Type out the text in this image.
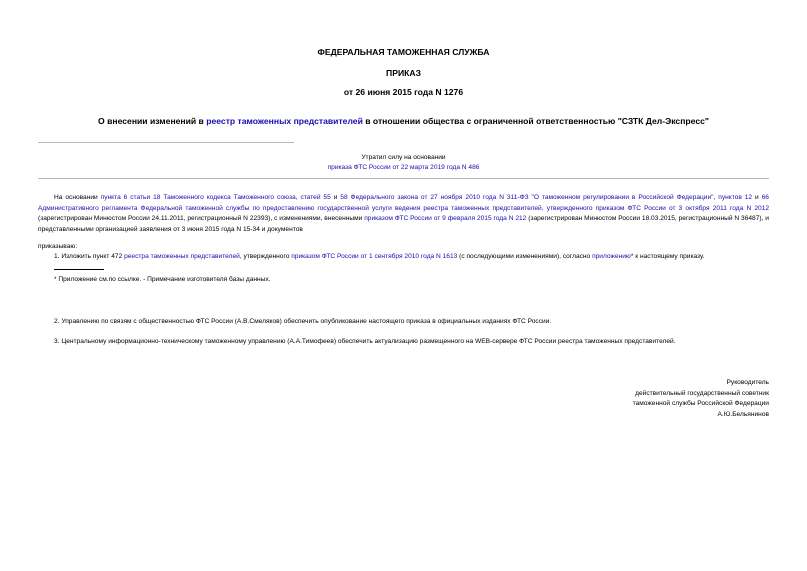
ФЕДЕРАЛЬНАЯ ТАМОЖЕННАЯ СЛУЖБА
ПРИКАЗ
от 26 июня 2015 года N 1276
О внесении изменений в реестр таможенных представителей в отношении общества с ограниченной ответственностью "СЗТК Дел-Экспресс"
Утратил силу на основании
приказа ФТС России от 22 марта 2019 года N 486
На основании пункта 6 статьи 18 Таможенного кодекса Таможенного союза, статей 55 и 58 Федерального закона от 27 ноября 2010 года N 311-ФЗ "О таможенном регулировании в Российской Федерации", пунктов 12 и 66 Административного регламента Федеральной таможенной службы по предоставлению государственной услуги ведения реестра таможенных представителей, утвержденного приказом ФТС России от 3 октября 2011 года N 2012 (зарегистрирован Минюстом России 24.11.2011, регистрационный N 22393), с изменениями, внесенными приказом ФТС России от 9 февраля 2015 года N 212 (зарегистрирован Минюстом России 18.03.2015, регистрационный N 36487), и представленными организацией заявления от 3 июня 2015 года N 15-34 и документов
приказываю:
1. Изложить пункт 472 реестра таможенных представителей, утвержденного приказом ФТС России от 1 сентября 2010 года N 1613 (с последующими изменениями), согласно приложению* к настоящему приказу.
* Приложение см.по ссылке. - Примечание изготовителя базы данных.
2. Управлению по связям с общественностью ФТС России (А.В.Смеляков) обеспечить опубликование настоящего приказа в официальных изданиях ФТС России.
3. Центральному информационно-техническому таможенному управлению (А.А.Тимофеев) обеспечить актуализацию размещенного на WEB-сервере ФТС России реестра таможенных представителей.
Руководитель
действительный государственный советник
таможенной службы Российской Федерации
А.Ю.Бельянинов
